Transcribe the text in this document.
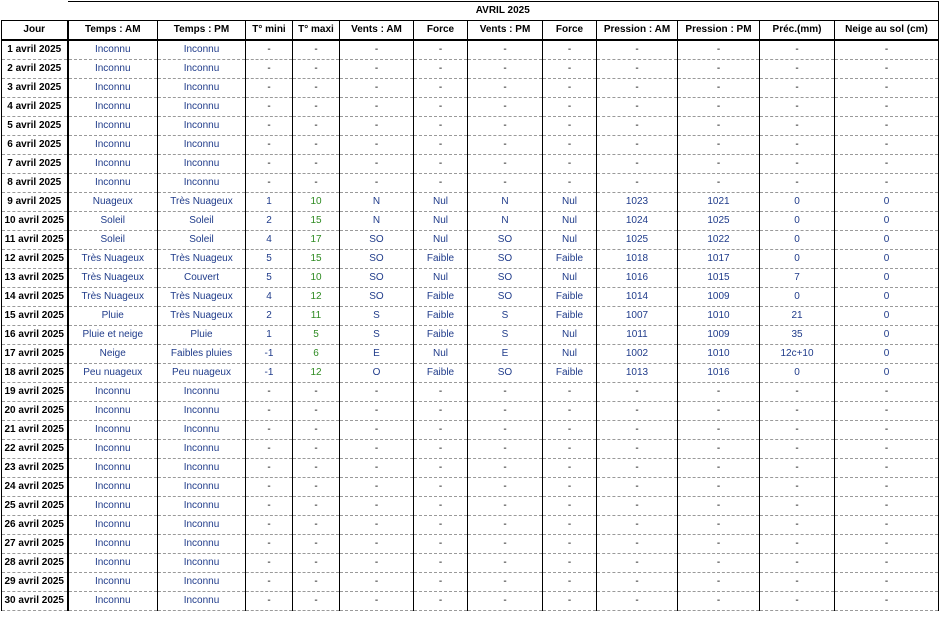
	AVRIL 2025											
Jour	Temps : AM	Temps : PM	T° mini	T° maxi	Vents : AM	Force	Vents : PM	Force	Pression : AM	Pression : PM	Préc.(mm)	Neige au sol (cm)
1 avril 2025	Inconnu	Inconnu	-	-	-	-	-	-	-	-	-	-
2 avril 2025	Inconnu	Inconnu	-	-	-	-	-	-	-	-	-	-
3 avril 2025	Inconnu	Inconnu	-	-	-	-	-	-	-	-	-	-
4 avril 2025	Inconnu	Inconnu	-	-	-	-	-	-	-	-	-	-
5 avril 2025	Inconnu	Inconnu	-	-	-	-	-	-	-	-	-	-
6 avril 2025	Inconnu	Inconnu	-	-	-	-	-	-	-	-	-	-
7 avril 2025	Inconnu	Inconnu	-	-	-	-	-	-	-	-	-	-
8 avril 2025	Inconnu	Inconnu	-	-	-	-	-	-	-	-	-	-
9 avril 2025	Nuageux	Très Nuageux	1	10	N	Nul	N	Nul	1023	1021	0	0
10 avril 2025	Soleil	Soleil	2	15	N	Nul	N	Nul	1024	1025	0	0
11 avril 2025	Soleil	Soleil	4	17	SO	Nul	SO	Nul	1025	1022	0	0
12 avril 2025	Très Nuageux	Très Nuageux	5	15	SO	Faible	SO	Faible	1018	1017	0	0
13 avril 2025	Très Nuageux	Couvert	5	10	SO	Nul	SO	Nul	1016	1015	7	0
14 avril 2025	Très Nuageux	Très Nuageux	4	12	SO	Faible	SO	Faible	1014	1009	0	0
15 avril 2025	Pluie	Très Nuageux	2	11	S	Faible	S	Faible	1007	1010	21	0
16 avril 2025	Pluie et neige	Pluie	1	5	S	Faible	S	Nul	1011	1009	35	0
17 avril 2025	Neige	Faibles pluies	-1	6	E	Nul	E	Nul	1002	1010	12c+10	0
18 avril 2025	Peu nuageux	Peu nuageux	-1	12	O	Faible	SO	Faible	1013	1016	0	0
19 avril 2025	Inconnu	Inconnu	-	-	-	-	-	-	-	-	-	-
20 avril 2025	Inconnu	Inconnu	-	-	-	-	-	-	-	-	-	-
21 avril 2025	Inconnu	Inconnu	-	-	-	-	-	-	-	-	-	-
22 avril 2025	Inconnu	Inconnu	-	-	-	-	-	-	-	-	-	-
23 avril 2025	Inconnu	Inconnu	-	-	-	-	-	-	-	-	-	-
24 avril 2025	Inconnu	Inconnu	-	-	-	-	-	-	-	-	-	-
25 avril 2025	Inconnu	Inconnu	-	-	-	-	-	-	-	-	-	-
26 avril 2025	Inconnu	Inconnu	-	-	-	-	-	-	-	-	-	-
27 avril 2025	Inconnu	Inconnu	-	-	-	-	-	-	-	-	-	-
28 avril 2025	Inconnu	Inconnu	-	-	-	-	-	-	-	-	-	-
29 avril 2025	Inconnu	Inconnu	-	-	-	-	-	-	-	-	-	-
30 avril 2025	Inconnu	Inconnu	-	-	-	-	-	-	-	-	-	-
